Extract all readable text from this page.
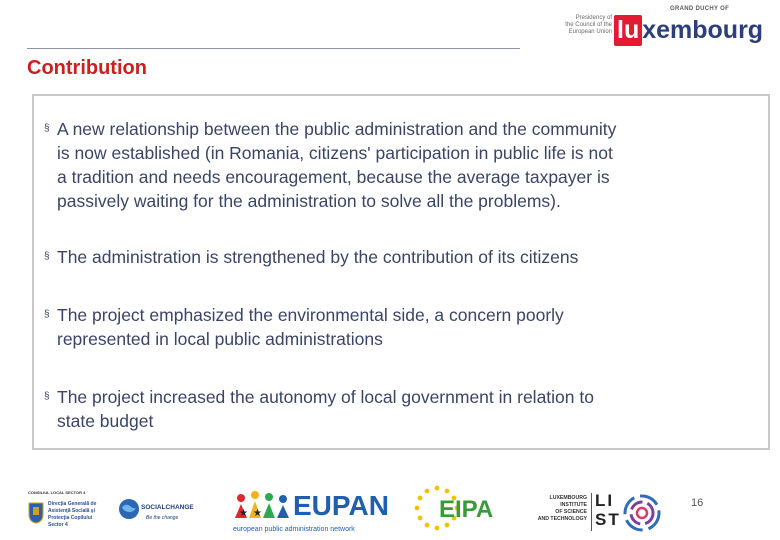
Presidency of
the Council of the
European Union
GRAND DUCHY OF
lu xembourg
Contribution
§ A new relationship between the public administration and the community
is now established (in Romania, citizens' participation in public life is not
a tradition and needs encouragement, because the average taxpayer is
passively waiting for the administration to solve all the problems).
§ The administration is strengthened by the contribution of its citizens
§ The project emphasized the environmental side, a concern poorly
represented in local public administrations
§ The project increased the autonomy of local government in relation to
state budget
CONSILIUL LOCAL SECTOR 4
Direcţia Generală de
Asistenţă Socială şi
Protecţia Copilului
Sector 4
SOCIALCHANGE
Be the change	★ ★ EUPAN
european public administration network
EIPA	LUXEMBOURG
INSTITUTE
OF SCIENCE
AND TECHNOLOGY
LI
ST
16
